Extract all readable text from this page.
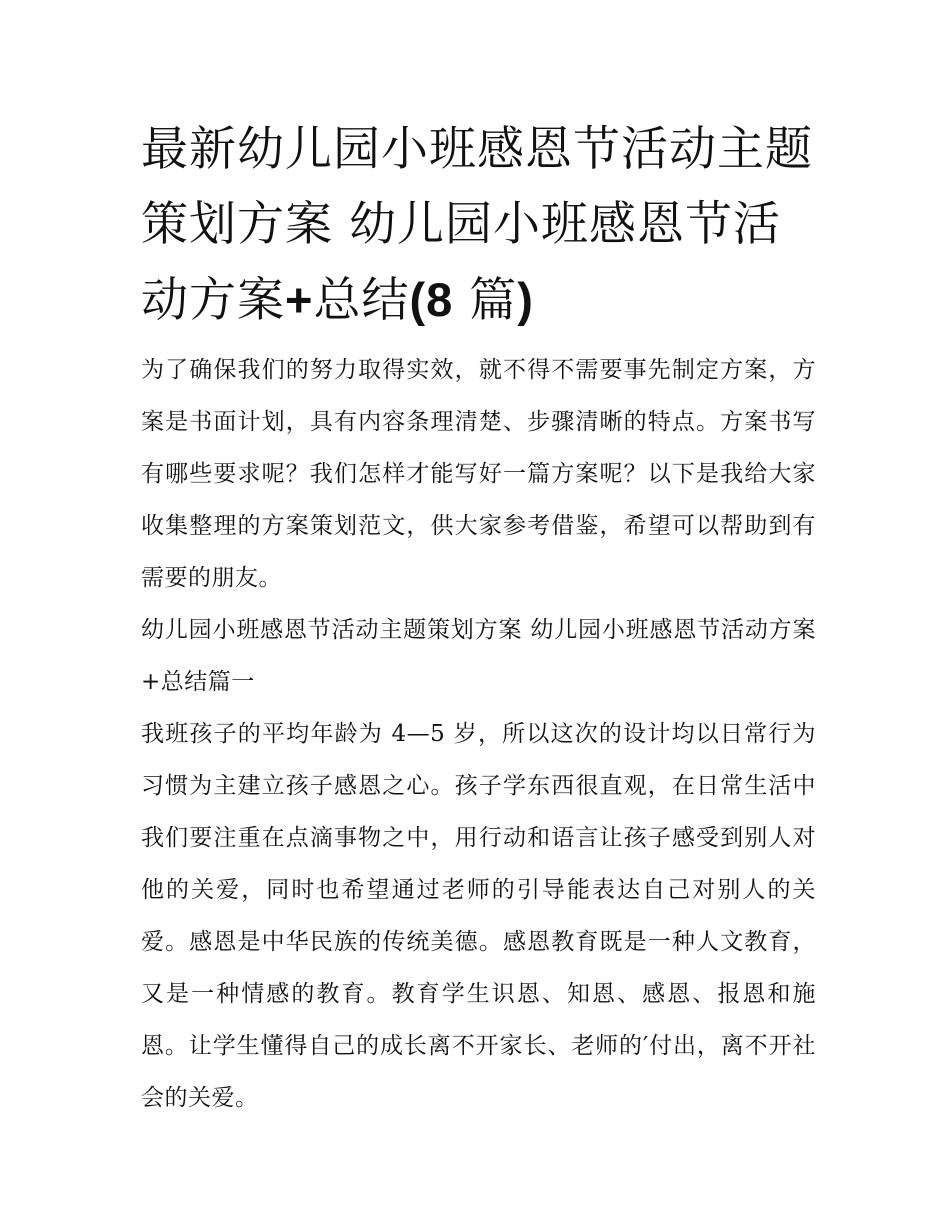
最新幼儿园小班感恩节活动主题策划方案 幼儿园小班感恩节活动方案+总结(8 篇)

为了确保我们的努力取得实效，就不得不需要事先制定方案，方案是书面计划，具有内容条理清楚、步骤清晰的特点。方案书写有哪些要求呢？我们怎样才能写好一篇方案呢？以下是我给大家收集整理的方案策划范文，供大家参考借鉴，希望可以帮助到有需要的朋友。

幼儿园小班感恩节活动主题策划方案 幼儿园小班感恩节活动方案+总结篇一

我班孩子的平均年龄为 4—5 岁，所以这次的设计均以日常行为习惯为主建立孩子感恩之心。孩子学东西很直观，在日常生活中我们要注重在点滴事物之中，用行动和语言让孩子感受到别人对他的关爱，同时也希望通过老师的引导能表达自己对别人的关爱。感恩是中华民族的传统美德。感恩教育既是一种人文教育，又是一种情感的教育。教育学生识恩、知恩、感恩、报恩和施恩。让学生懂得自己的成长离不开家长、老师的′付出，离不开社会的关爱。
